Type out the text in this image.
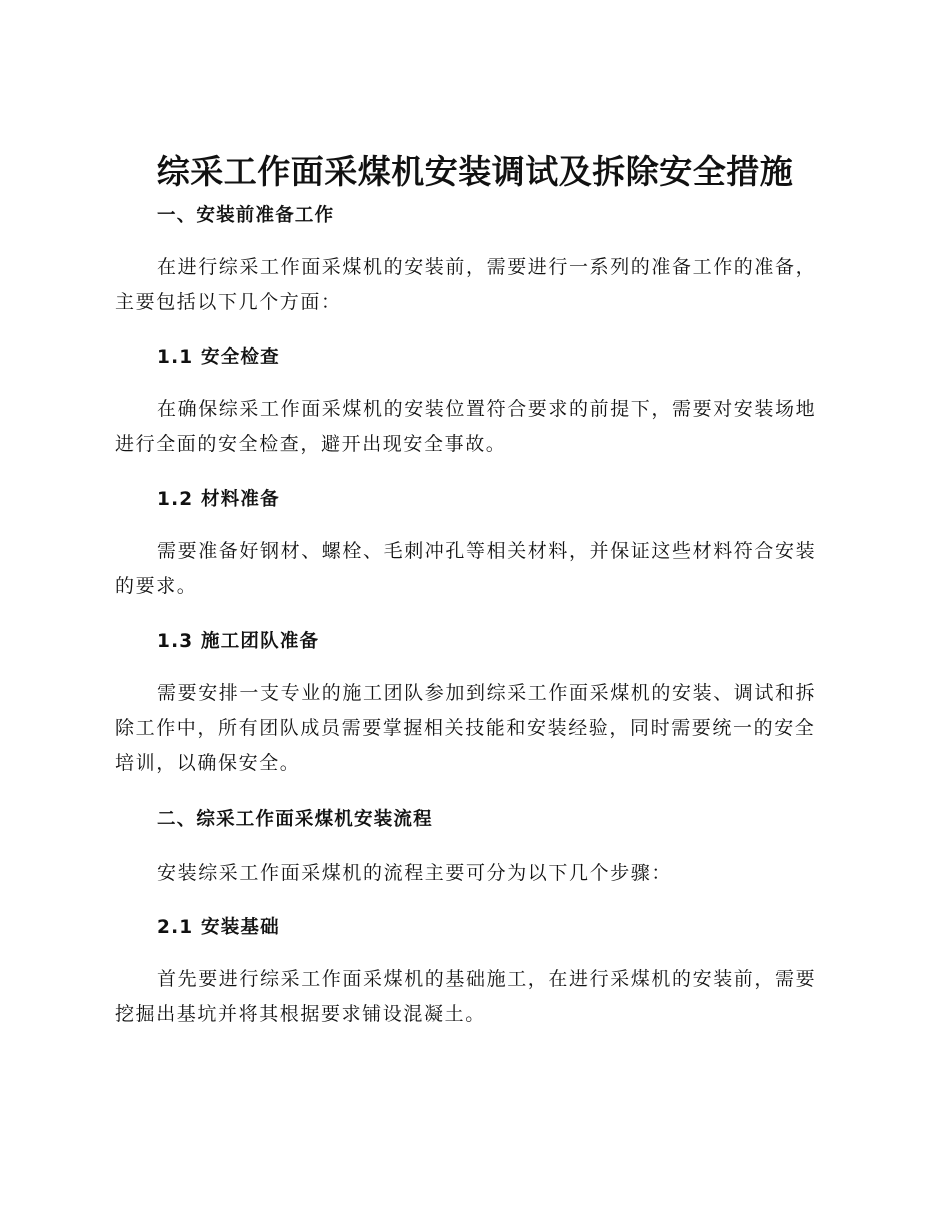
综采工作面采煤机安装调试及拆除安全措施
一、安装前准备工作

在进行综采工作面采煤机的安装前，需要进行一系列的准备工作的准备，主要包括以下几个方面：

1.1 安全检查

在确保综采工作面采煤机的安装位置符合要求的前提下，需要对安装场地进行全面的安全检查，避开出现安全事故。

1.2 材料准备

需要准备好钢材、螺栓、毛刺冲孔等相关材料，并保证这些材料符合安装的要求。

1.3 施工团队准备

需要安排一支专业的施工团队参加到综采工作面采煤机的安装、调试和拆除工作中，所有团队成员需要掌握相关技能和安装经验，同时需要统一的安全培训，以确保安全。

二、综采工作面采煤机安装流程

安装综采工作面采煤机的流程主要可分为以下几个步骤：

2.1 安装基础

首先要进行综采工作面采煤机的基础施工，在进行采煤机的安装前，需要挖掘出基坑并将其根据要求铺设混凝土。
